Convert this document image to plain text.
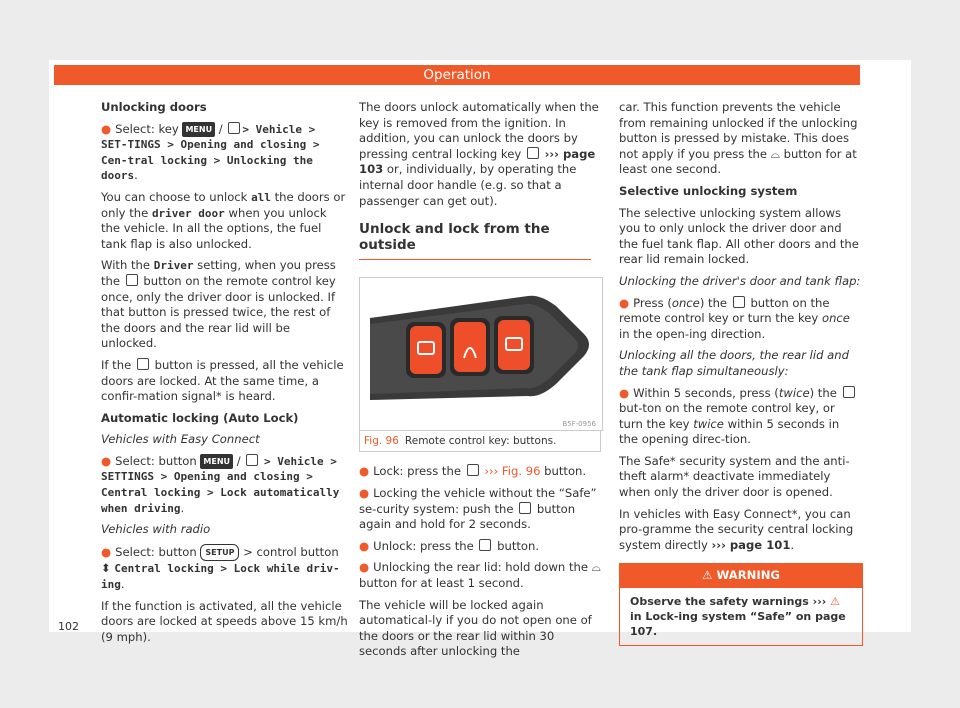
Operation

Unlocking doors

● Select: key MENU / > Vehicle > SET-TINGS > Opening and closing > Cen-tral locking > Unlocking the doors.

You can choose to unlock all the doors or only the driver door when you unlock the vehicle. In all the options, the fuel tank flap is also unlocked.

With the Driver setting, when you press the button on the remote control key once, only the driver door is unlocked. If that button is pressed twice, the rest of the doors and the rear lid will be unlocked.

If the button is pressed, all the vehicle doors are locked. At the same time, a confir-mation signal* is heard.

Automatic locking (Auto Lock)

Vehicles with Easy Connect

● Select: button MENU /  > Vehicle > SETTINGS > Opening and closing > Central locking > Lock automatically when driving.

Vehicles with radio

● Select: button SETUP > control button ⬍ Central locking > Lock while driv-ing.

If the function is activated, all the vehicle doors are locked at speeds above 15 km/h (9 mph).

The doors unlock automatically when the key is removed from the ignition. In addition, you can unlock the doors by pressing central locking key ››› page 103 or, individually, by operating the internal door handle (e.g. so that a passenger can get out).

Unlock and lock from the outside
B5F-0956
Fig. 96 Remote control key: buttons.

● Lock: press the ››› Fig. 96 button.

● Locking the vehicle without the “Safe” se-curity system: push the button again and hold for 2 seconds.

● Unlock: press the button.

● Unlocking the rear lid: hold down the ⌓ button for at least 1 second.

The vehicle will be locked again automatical-ly if you do not open one of the doors or the rear lid within 30 seconds after unlocking the

car. This function prevents the vehicle from remaining unlocked if the unlocking button is pressed by mistake. This does not apply if you press the ⌓ button for at least one second.

Selective unlocking system

The selective unlocking system allows you to only unlock the driver door and the fuel tank flap. All other doors and the rear lid remain locked.

Unlocking the driver's door and tank flap:

● Press (once) the button on the remote control key or turn the key once in the open-ing direction.

Unlocking all the doors, the rear lid and the tank flap simultaneously:

● Within 5 seconds, press (twice) the  but-ton on the remote control key, or turn the key twice within 5 seconds in the opening direc-tion.

The Safe* security system and the anti-theft alarm* deactivate immediately when only the driver door is opened.

In vehicles with Easy Connect*, you can pro-gramme the security central locking system directly ››› page 101.

⚠ WARNING
Observe the safety warnings ››› ⚠ in Lock-ing system “Safe” on page 107.
102
